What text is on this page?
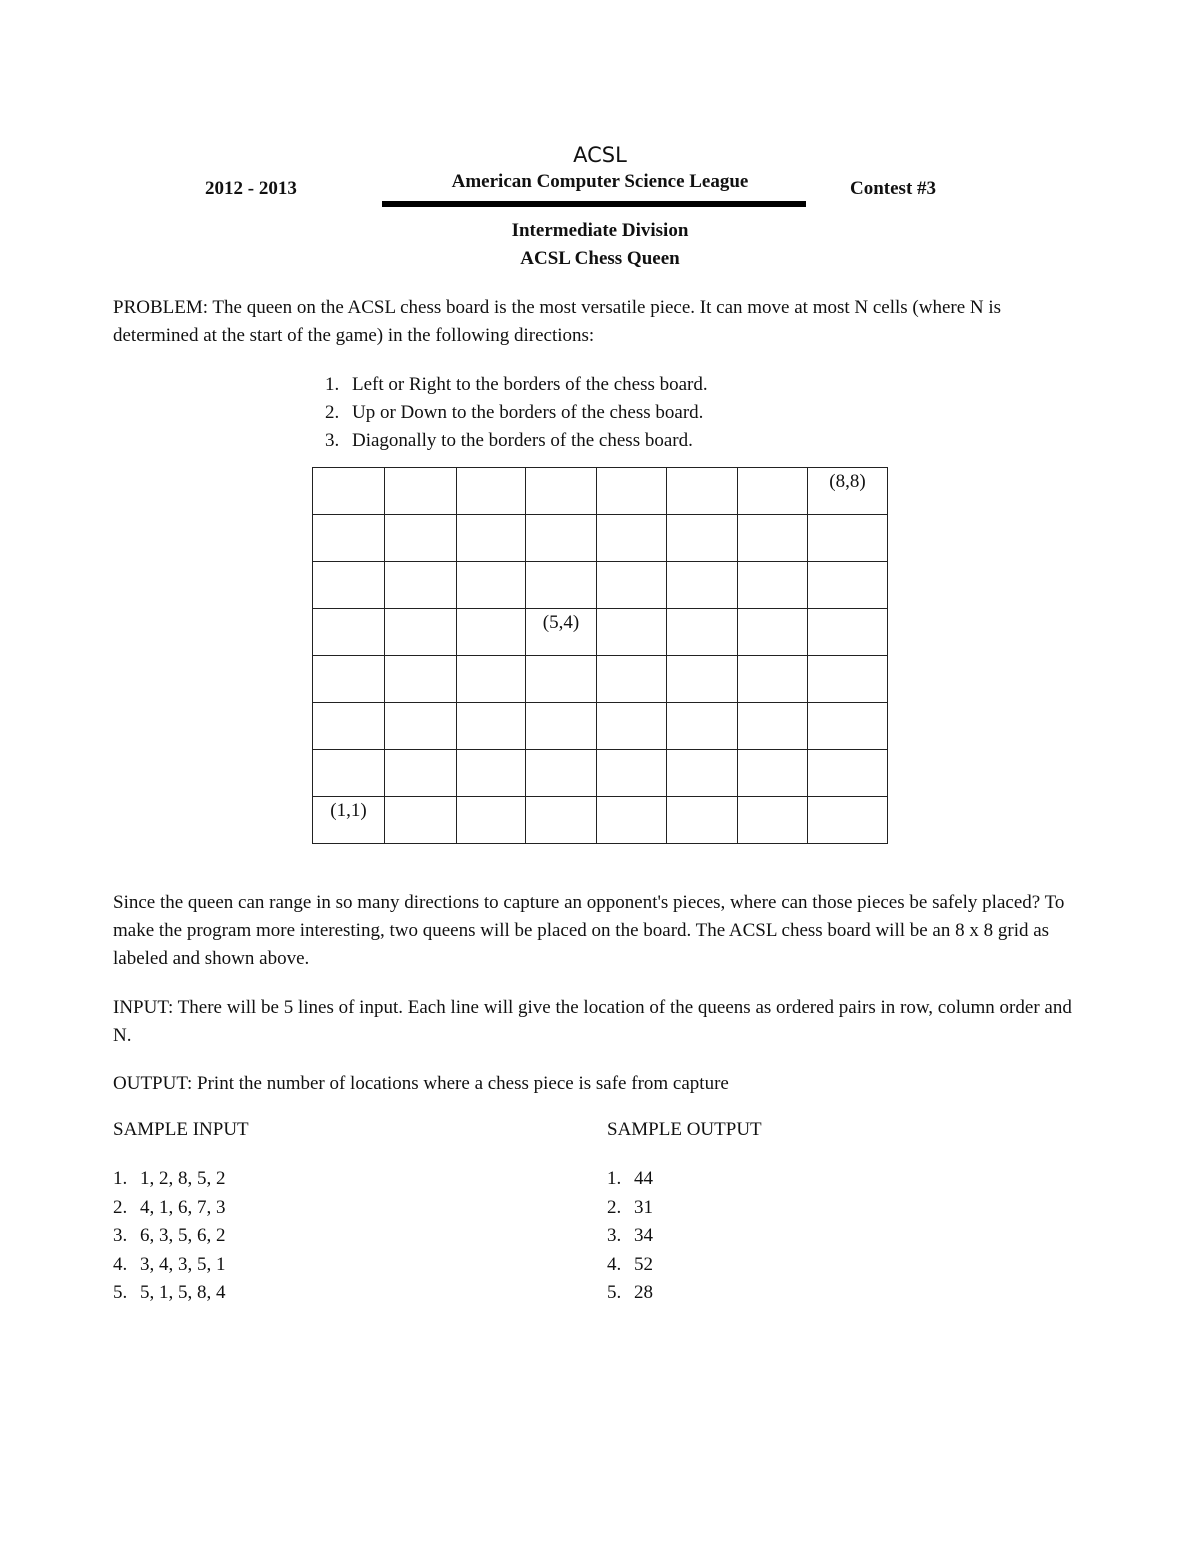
ACSL
2012 - 2013	American Computer Science League	Contest #3
Intermediate Division
ACSL Chess Queen
PROBLEM: The queen on the ACSL chess board is the most versatile piece. It can move at most N cells (where N is determined at the start of the game) in the following directions:
1. Left or Right to the borders of the chess board.
2. Up or Down to the borders of the chess board.
3. Diagonally to the borders of the chess board.
							(8,8)

			(5,4)				

(1,1)							
Since the queen can range in so many directions to capture an opponent's pieces, where can those pieces be safely placed? To make the program more interesting, two queens will be placed on the board. The ACSL chess board will be an 8 x 8 grid as labeled and shown above.
INPUT: There will be 5 lines of input. Each line will give the location of the queens as ordered pairs in row, column order and N.
OUTPUT: Print the number of locations where a chess piece is safe from capture
SAMPLE INPUT	SAMPLE OUTPUT
1. 1, 2, 8, 5, 2
2. 4, 1, 6, 7, 3
3. 6, 3, 5, 6, 2
4. 3, 4, 3, 5, 1
5. 5, 1, 5, 8, 4
1. 44
2. 31
3. 34
4. 52
5. 28
